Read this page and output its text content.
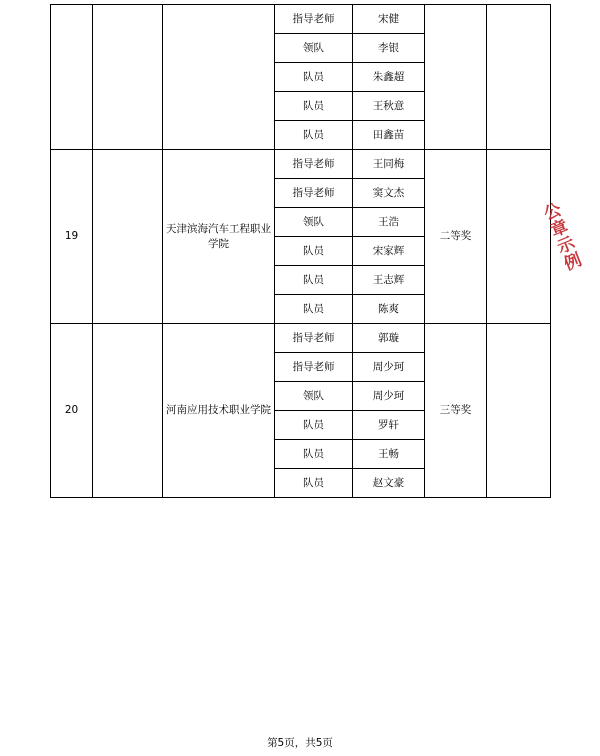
			指导老师	宋健		
			领队	李银		
			队员	朱鑫超		
			队员	王秋意		
			队员	田鑫苗		
19		天津滨海汽车工程职业学院	指导老师	王同梅	二等奖	
			指导老师	窦文杰		
			领队	王浩		
			队员	宋家辉		
			队员	王志辉		
			队员	陈爽		
20		河南应用技术职业学院	指导老师	郭璇	三等奖	
			指导老师	周少珂		
			领队	周少珂		
			队员	罗轩		
			队员	王畅		
			队员	赵文豪		
公章示例
第5页，共5页
